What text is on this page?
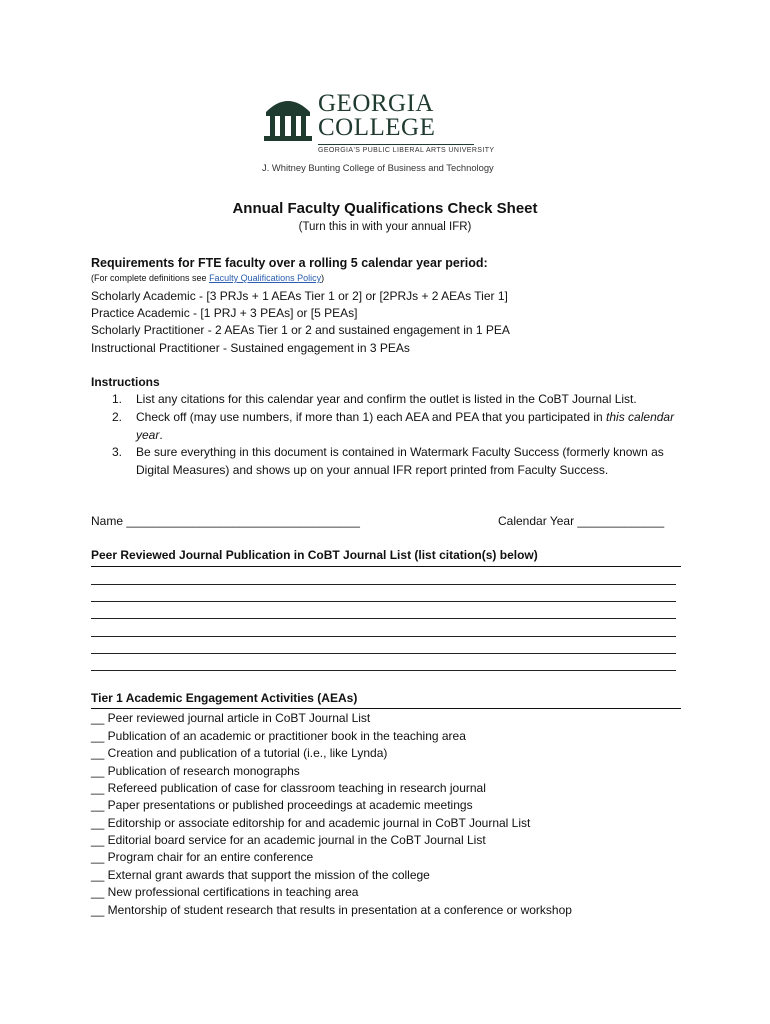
GEORGIA
COLLEGE
GEORGIA'S PUBLIC LIBERAL ARTS UNIVERSITY
J. Whitney Bunting College of Business and Technology
Annual Faculty Qualifications Check Sheet
(Turn this in with your annual IFR)
Requirements for FTE faculty over a rolling 5 calendar year period:
(For complete definitions see Faculty Qualifications Policy)
Scholarly Academic - [3 PRJs + 1 AEAs Tier 1 or 2] or [2PRJs + 2 AEAs Tier 1]
Practice Academic - [1 PRJ + 3 PEAs] or [5 PEAs]
Scholarly Practitioner - 2 AEAs Tier 1 or 2 and sustained engagement in 1 PEA
Instructional Practitioner - Sustained engagement in 3 PEAs
Instructions
1. List any citations for this calendar year and confirm the outlet is listed in the CoBT Journal List.
2. Check off (may use numbers, if more than 1) each AEA and PEA that you participated in this calendar year.
3. Be sure everything in this document is contained in Watermark Faculty Success (formerly known as Digital Measures) and shows up on your annual IFR report printed from Faculty Success.
Name ___________________________________	Calendar Year _____________
Peer Reviewed Journal Publication in CoBT Journal List (list citation(s) below)
Tier 1 Academic Engagement Activities (AEAs)
__ Peer reviewed journal article in CoBT Journal List
__ Publication of an academic or practitioner book in the teaching area
__ Creation and publication of a tutorial (i.e., like Lynda)
__ Publication of research monographs
__ Refereed publication of case for classroom teaching in research journal
__ Paper presentations or published proceedings at academic meetings
__ Editorship or associate editorship for and academic journal in CoBT Journal List
__ Editorial board service for an academic journal in the CoBT Journal List
__ Program chair for an entire conference
__ External grant awards that support the mission of the college
__ New professional certifications in teaching area
__ Mentorship of student research that results in presentation at a conference or workshop
